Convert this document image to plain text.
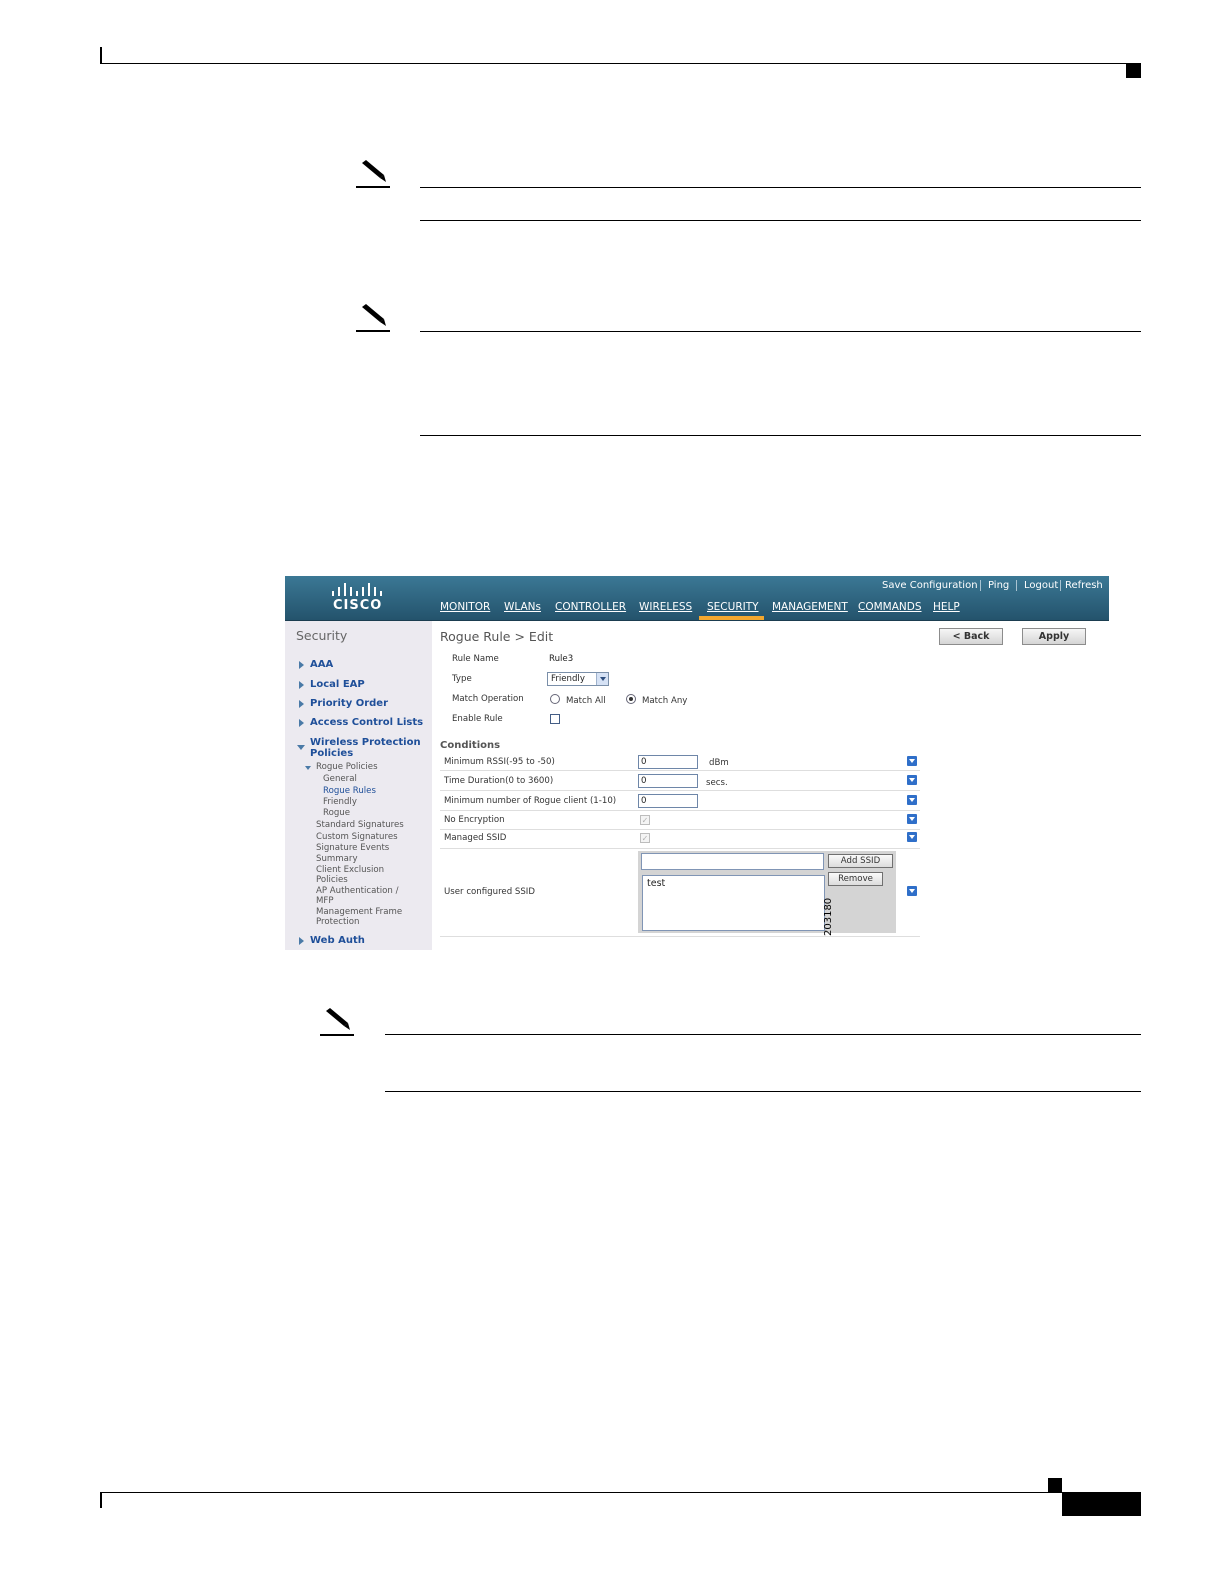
CISCO
Save Configuration Ping Logout Refresh
MONITOR WLANs CONTROLLER WIRELESS SECURITY MANAGEMENT COMMANDS HELP
Security
AAA
Local EAP
Priority Order
Access Control Lists
Wireless Protection
Policies
Rogue Policies
General
Rogue Rules
Friendly
Rogue
Standard Signatures
Custom Signatures
Signature Events
Summary
Client Exclusion
Policies
AP Authentication /
MFP
Management Frame
Protection
Web Auth
Rogue Rule > Edit	< Back	Apply
Rule Name	Rule3
Type	Friendly
Match Operation	Match All	Match Any
Enable Rule
Conditions
Minimum RSSI(-95 to -50)	0	dBm
Time Duration(0 to 3600)	0	secs.
Minimum number of Rogue client (1-10)	0
No Encryption	✓
Managed SSID	✓
User configured SSID
Add SSID
Remove
test
203180
